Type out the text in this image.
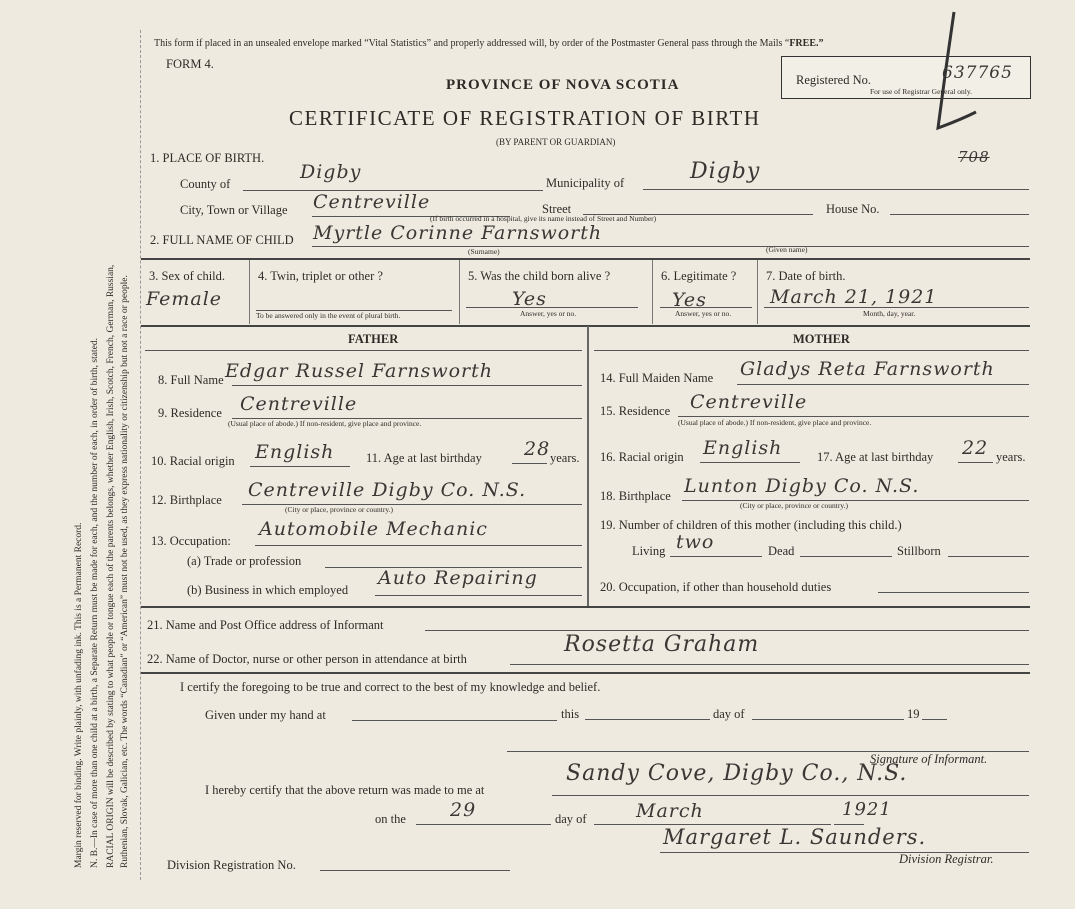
Margin reserved for binding. Write plainly, with unfading ink. This is a Permanent Record. N. B.—In case of more than one child at a birth, a Separate Return must be made for each, and the number of each, in order of birth, stated. RACIAL ORIGIN will be described by stating to what people or tongue each of the parents belongs, whether English, Irish, Scotch, French, German, Russian, Ruthenian, Slovak, Galician, etc. The words “Canadian” or “American” must not be used, as they express nationality or citizenship but not a race or people.
This form if placed in an unsealed envelope marked “Vital Statistics” and properly addressed will, by order of the Postmaster General pass through the Mails “FREE.”
FORM 4.
PROVINCE OF NOVA SCOTIA
CERTIFICATE OF REGISTRATION OF BIRTH
(BY PARENT OR GUARDIAN)
Registered No.	637765
For use of Registrar General only.
708
1. PLACE OF BIRTH.
County of
Digby	Municipality of	Digby
City, Town or Village Centreville	Street	House No.
(If birth occurred in a hospital, give its name instead of Street and Number)
2. FULL NAME OF CHILD Myrtle Corinne Farnsworth
(Surname)	(Given name)
3. Sex of child.
Female
4. Twin, triplet or other ?
To be answered only in the event of plural birth.
5. Was the child born alive ?
Yes
Answer, yes or no.
6. Legitimate ?
Yes
Answer, yes or no.
7. Date of birth.
March 21, 1921
Month, day, year.
FATHER	MOTHER
8. Full Name Edgar Russel Farnsworth
9. Residence Centreville
(Usual place of abode.) If non-resident, give place and province.
10. Racial origin English	11. Age at last birthday 28 years.
12. Birthplace Centreville Digby Co. N.S.
(City or place, province or country.)
13. Occupation:
Automobile Mechanic
(a) Trade or profession
(b) Business in which employed
Auto Repairing
14. Full Maiden Name Gladys Reta Farnsworth
15. Residence Centreville
(Usual place of abode.) If non-resident, give place and province.
16. Racial origin English	17. Age at last birthday 22 years.
18. Birthplace Lunton Digby Co. N.S.
(City or place, province or country.)
19. Number of children of this mother (including this child.)
Living two	Dead	Stillborn
20. Occupation, if other than household duties
21. Name and Post Office address of Informant
22. Name of Doctor, nurse or other person in attendance at birth
Rosetta Graham
I certify the foregoing to be true and correct to the best of my knowledge and belief.
Given under my hand at	this	day of	19
Signature of Informant.
I hereby certify that the above return was made to me at
Sandy Cove, Digby Co., N.S.
on the 29	day of	March	1921
Margaret L. Saunders.
Division Registrar.
Division Registration No.
